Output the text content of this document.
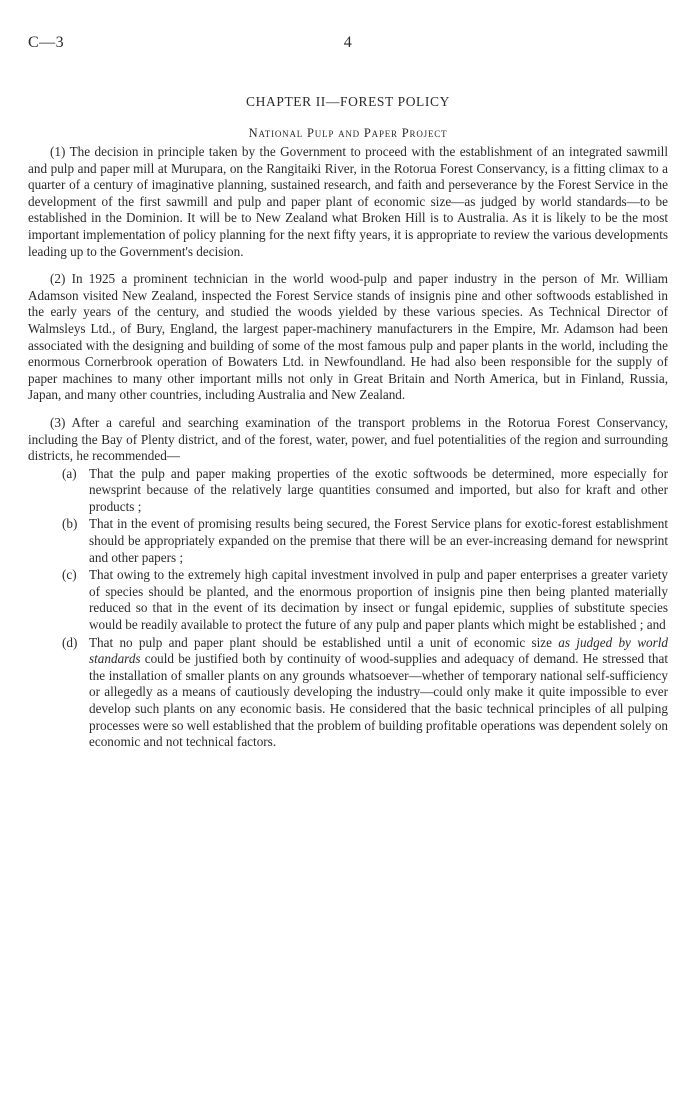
C—3	4
CHAPTER II—FOREST POLICY
National Pulp and Paper Project

(1) The decision in principle taken by the Government to proceed with the establishment of an integrated sawmill and pulp and paper mill at Murupara, on the Rangitaiki River, in the Rotorua Forest Conservancy, is a fitting climax to a quarter of a century of imaginative planning, sustained research, and faith and perseverance by the Forest Service in the development of the first sawmill and pulp and paper plant of economic size—as judged by world standards—to be established in the Dominion. It will be to New Zealand what Broken Hill is to Australia. As it is likely to be the most important implementation of policy planning for the next fifty years, it is appropriate to review the various developments leading up to the Government's decision.

(2) In 1925 a prominent technician in the world wood-pulp and paper industry in the person of Mr. William Adamson visited New Zealand, inspected the Forest Service stands of insignis pine and other softwoods established in the early years of the century, and studied the woods yielded by these various species. As Technical Director of Walmsleys Ltd., of Bury, England, the largest paper-machinery manufacturers in the Empire, Mr. Adamson had been associated with the designing and building of some of the most famous pulp and paper plants in the world, including the enormous Cornerbrook operation of Bowaters Ltd. in Newfoundland. He had also been responsible for the supply of paper machines to many other important mills not only in Great Britain and North America, but in Finland, Russia, Japan, and many other countries, including Australia and New Zealand.

(3) After a careful and searching examination of the transport problems in the Rotorua Forest Conservancy, including the Bay of Plenty district, and of the forest, water, power, and fuel potentialities of the region and surrounding districts, he recommended—

(a) That the pulp and paper making properties of the exotic softwoods be determined, more especially for newsprint because of the relatively large quantities consumed and imported, but also for kraft and other products ;
(b) That in the event of promising results being secured, the Forest Service plans for exotic-forest establishment should be appropriately expanded on the premise that there will be an ever-increasing demand for newsprint and other papers ;
(c) That owing to the extremely high capital investment involved in pulp and paper enterprises a greater variety of species should be planted, and the enormous proportion of insignis pine then being planted materially reduced so that in the event of its decimation by insect or fungal epidemic, supplies of substitute species would be readily available to protect the future of any pulp and paper plants which might be established ; and
(d) That no pulp and paper plant should be established until a unit of economic size as judged by world standards could be justified both by continuity of wood-supplies and adequacy of demand. He stressed that the installation of smaller plants on any grounds whatsoever—whether of temporary national self-sufficiency or allegedly as a means of cautiously developing the industry—could only make it quite impossible to ever develop such plants on any economic basis. He considered that the basic technical principles of all pulping processes were so well established that the problem of building profitable operations was dependent solely on economic and not technical factors.
